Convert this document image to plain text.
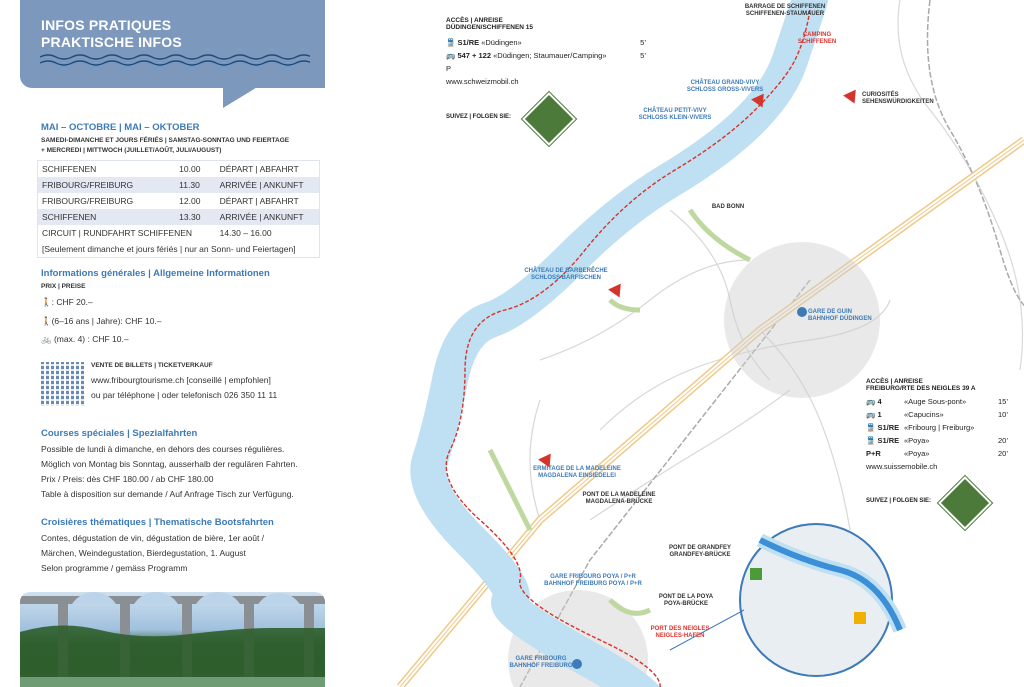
INFOS PRATIQUES
PRAKTISCHE INFOS
MAI – OCTOBRE | MAI – OKTOBER
SAMEDI-DIMANCHE ET JOURS FÉRIÉS | SAMSTAG-SONNTAG UND FEIERTAGE
+ MERCREDI | MITTWOCH (JUILLET/AOÛT, JULI/AUGUST)
SCHIFFENEN	10.00	DÉPART | ABFAHRT
FRIBOURG/FREIBURG	11.30	ARRIVÉE | ANKUNFT
FRIBOURG/FREIBURG	12.00	DÉPART | ABFAHRT
SCHIFFENEN	13.30	ARRIVÉE | ANKUNFT
CIRCUIT | RUNDFAHRT SCHIFFENEN		14.30 – 16.00
[Seulement dimanche et jours fériés | nur an Sonn- und Feiertagen]		
Informations générales | Allgemeine Informationen
PRIX | PREISE
🚶: CHF 20.–
🚶(6–16 ans | Jahre): CHF 10.–
🚲 (max. 4) : CHF 10.–
VENTE DE BILLETS | TICKETVERKAUF
www.fribourgtourisme.ch [conseillé | empfohlen]
ou par téléphone | oder telefonisch 026 350 11 11
Courses spéciales | Spezialfahrten
Possible de lundi à dimanche, en dehors des courses régulières.
Möglich von Montag bis Sonntag, ausserhalb der regulären Fahrten.
Prix / Preis: dès CHF 180.00 / ab CHF 180.00
Table à disposition sur demande / Auf Anfrage Tisch zur Verfügung.
Croisières thématiques | Thematische Bootsfahrten
Contes, dégustation de vin, dégustation de bière, 1er août /
Märchen, Weindegustation, Bierdegustation, 1. August
Selon programme / gemäss Programm
ACCÈS | ANREISE
DÜDINGEN/SCHIFFENEN 15
🚆 S1/RE «Düdingen»	5’
🚌 547 + 122 «Düdingen; Staumauer/Camping»	5’
P
www.schweizmobil.ch
SUIVEZ | FOLGEN SIE:
ACCÈS | ANREISE
FREIBURG/RTE DES NEIGLES 39 A
🚌 4	«Auge Sous-pont»	15’
🚌 1	«Capucins»	10’
🚆 S1/RE «Fribourg | Freiburg»
🚆 S1/RE «Poya»	20’
P+R	«Poya»	20’
www.suissemobile.ch
SUIVEZ | FOLGEN SIE:
BARRAGE DE SCHIFFENEN
SCHIFFENEN-STAUMAUER
CAMPING
SCHIFFENEN
CURIOSITÉS
SEHENSWÜRDIGKEITEN
CHÂTEAU GRAND-VIVY
SCHLOSS GROSS-VIVERS
CHÂTEAU PETIT-VIVY
SCHLOSS KLEIN-VIVERS
BAD BONN
CHÂTEAU DE BARBERÊCHE
SCHLOSS BÄRFISCHEN
GARE DE GUIN
BAHNHOF DÜDINGEN
ERMITAGE DE LA MADELEINE
MAGDALENA EINSIEDELEI
PONT DE LA MADELEINE
MAGDALENA-BRÜCKE
PONT DE GRANDFEY
GRANDFEY-BRÜCKE
GARE FRIBOURG POYA / P+R
BAHNHOF FREIBURG POYA / P+R
PONT DE LA POYA
POYA-BRÜCKE
PORT DES NEIGLES
NEIGLES-HAFEN
GARE FRIBOURG
BAHNHOF FREIBURG
